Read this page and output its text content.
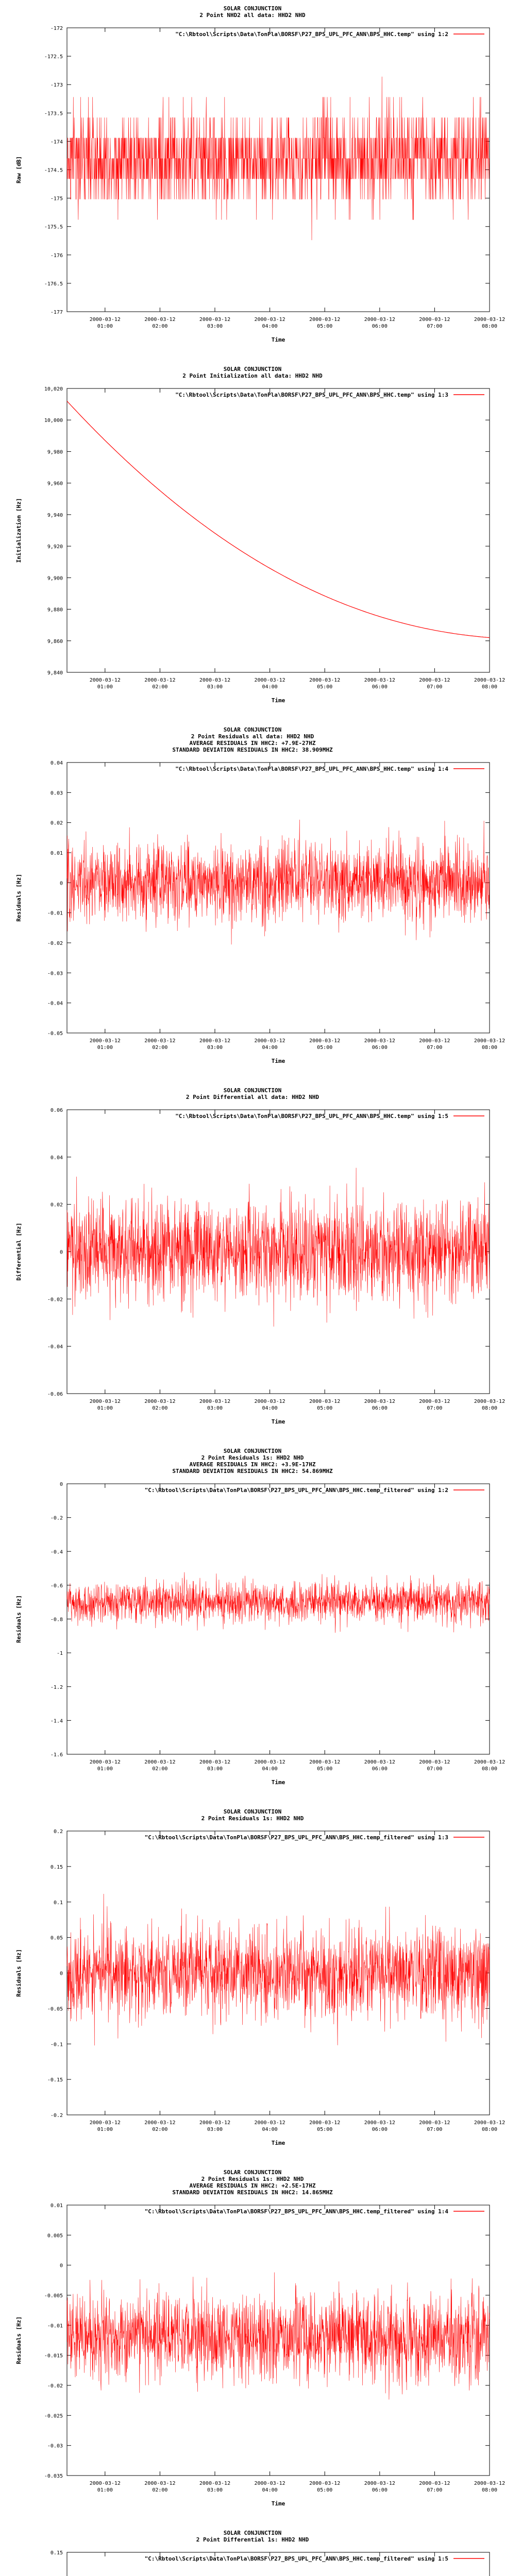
SOLAR CONJUNCTION
2 Point NHD2 all data: HHD2 NHD
"C:\Rbtool\Scripts\Data\TonPla\BORSF\P27_BPS_UPL_PFC_ANN\BPS_HHC.temp" using 1:2
-172
-172.5
-173
-173.5
-174
-174.5
-175
-175.5
-176
-176.5
-177
2000-03-12
01:00
2000-03-12
02:00
2000-03-12
03:00
2000-03-12
04:00
2000-03-12
05:00
2000-03-12
06:00
2000-03-12
07:00
2000-03-12
08:00
Time
Raw [dB]
SOLAR CONJUNCTION
2 Point Initialization all data: HHD2 NHD
"C:\Rbtool\Scripts\Data\TonPla\BORSF\P27_BPS_UPL_PFC_ANN\BPS_HHC.temp" using 1:3
10,020
10,000
9,980
9,960
9,940
9,920
9,900
9,880
9,860
9,840
2000-03-12
01:00
2000-03-12
02:00
2000-03-12
03:00
2000-03-12
04:00
2000-03-12
05:00
2000-03-12
06:00
2000-03-12
07:00
2000-03-12
08:00
Time
Initialization [Hz]
SOLAR CONJUNCTION
2 Point Residuals all data: HHD2 NHD
AVERAGE RESIDUALS IN HHC2: +7.9E-27HZ
STANDARD DEVIATION RESIDUALS IN HHC2: 38.909MHZ
"C:\Rbtool\Scripts\Data\TonPla\BORSF\P27_BPS_UPL_PFC_ANN\BPS_HHC.temp" using 1:4
0.04
0.03
0.02
0.01
0
-0.01
-0.02
-0.03
-0.04
-0.05
2000-03-12
01:00
2000-03-12
02:00
2000-03-12
03:00
2000-03-12
04:00
2000-03-12
05:00
2000-03-12
06:00
2000-03-12
07:00
2000-03-12
08:00
Time
Residuals [Hz]
SOLAR CONJUNCTION
2 Point Differential all data: HHD2 NHD
"C:\Rbtool\Scripts\Data\TonPla\BORSF\P27_BPS_UPL_PFC_ANN\BPS_HHC.temp" using 1:5
0.06
0.04
0.02
0
-0.02
-0.04
-0.06
2000-03-12
01:00
2000-03-12
02:00
2000-03-12
03:00
2000-03-12
04:00
2000-03-12
05:00
2000-03-12
06:00
2000-03-12
07:00
2000-03-12
08:00
Time
Differential [Hz]
SOLAR CONJUNCTION
2 Point Residuals 1s: HHD2 NHD
AVERAGE RESIDUALS IN HHC2: +3.9E-17HZ
STANDARD DEVIATION RESIDUALS IN HHC2: 54.869MHZ
"C:\Rbtool\Scripts\Data\TonPla\BORSF\P27_BPS_UPL_PFC_ANN\BPS_HHC.temp_filtered" using 1:2
0
-0.2
-0.4
-0.6
-0.8
-1
-1.2
-1.4
-1.6
2000-03-12
01:00
2000-03-12
02:00
2000-03-12
03:00
2000-03-12
04:00
2000-03-12
05:00
2000-03-12
06:00
2000-03-12
07:00
2000-03-12
08:00
Time
Residuals [Hz]
SOLAR CONJUNCTION
2 Point Residuals 1s: HHD2 NHD
"C:\Rbtool\Scripts\Data\TonPla\BORSF\P27_BPS_UPL_PFC_ANN\BPS_HHC.temp_filtered" using 1:3
0.2
0.15
0.1
0.05
0
-0.05
-0.1
-0.15
-0.2
2000-03-12
01:00
2000-03-12
02:00
2000-03-12
03:00
2000-03-12
04:00
2000-03-12
05:00
2000-03-12
06:00
2000-03-12
07:00
2000-03-12
08:00
Time
Residuals [Hz]
SOLAR CONJUNCTION
2 Point Residuals 1s: HHD2 NHD
AVERAGE RESIDUALS IN HHC2: +2.5E-17HZ
STANDARD DEVIATION RESIDUALS IN HHC2: 14.865MHZ
"C:\Rbtool\Scripts\Data\TonPla\BORSF\P27_BPS_UPL_PFC_ANN\BPS_HHC.temp_filtered" using 1:4
0.01
0.005
0
-0.005
-0.01
-0.015
-0.02
-0.025
-0.03
-0.035
2000-03-12
01:00
2000-03-12
02:00
2000-03-12
03:00
2000-03-12
04:00
2000-03-12
05:00
2000-03-12
06:00
2000-03-12
07:00
2000-03-12
08:00
Time
Residuals [Hz]
SOLAR CONJUNCTION
2 Point Differential 1s: HHD2 NHD
"C:\Rbtool\Scripts\Data\TonPla\BORSF\P27_BPS_UPL_PFC_ANN\BPS_HHC.temp_filtered" using 1:5
0.15
